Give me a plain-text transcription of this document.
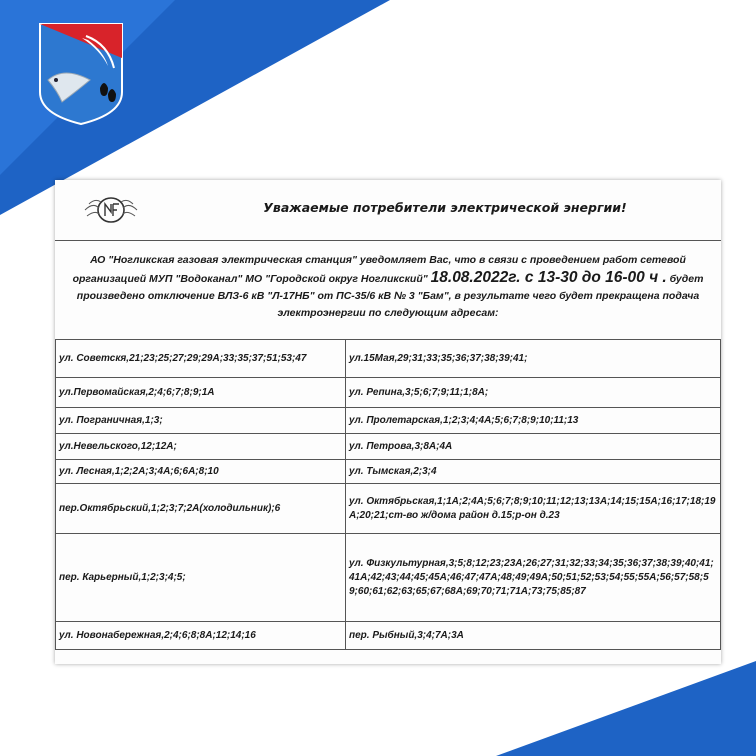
Уважаемые потребители электрической энергии!
АО "Ногликская газовая электрическая станция" уведомляет Вас, что в связи с проведением работ сетевой
организацией МУП "Водоканал" МО "Городской округ Ногликский" 18.08.2022г. с 13-30 до 16-00 ч . будет
произведено отключение ВЛЗ-6 кВ "Л-17НБ" от ПС-35/6 кВ № 3 "Бам", в результате чего будет прекращена подача
электроэнергии по следующим адресам:
ул. Советскя,21;23;25;27;29;29А;33;35;37;51;53;47	ул.15Мая,29;31;33;35;36;37;38;39;41;
ул.Первомайская,2;4;6;7;8;9;1А	ул. Репина,3;5;6;7;9;11;1;8А;
ул. Пограничная,1;3;	ул. Пролетарская,1;2;3;4;4А;5;6;7;8;9;10;11;13
ул.Невельского,12;12А;	ул. Петрова,3;8А;4А
ул. Лесная,1;2;2А;3;4А;6;6А;8;10	ул. Тымская,2;3;4
пер.Октябрьский,1;2;3;7;2А(холодильник);6	ул. Октябрьская,1;1А;2;4А;5;6;7;8;9;10;11;12;13;13А;14;15;15А;16;17;18;19А;20;21;ст-во ж/дома район д.15;р-он д.23
пер. Карьерный,1;2;3;4;5;	ул. Физкультурная,3;5;8;12;23;23А;26;27;31;32;33;34;35;36;37;38;39;40;41;41А;42;43;44;45;45А;46;47;47А;48;49;49А;50;51;52;53;54;55;55А;56;57;58;59;60;61;62;63;65;67;68А;69;70;71;71А;73;75;85;87
ул. Новонабережная,2;4;6;8;8А;12;14;16	пер. Рыбный,3;4;7А;3А
